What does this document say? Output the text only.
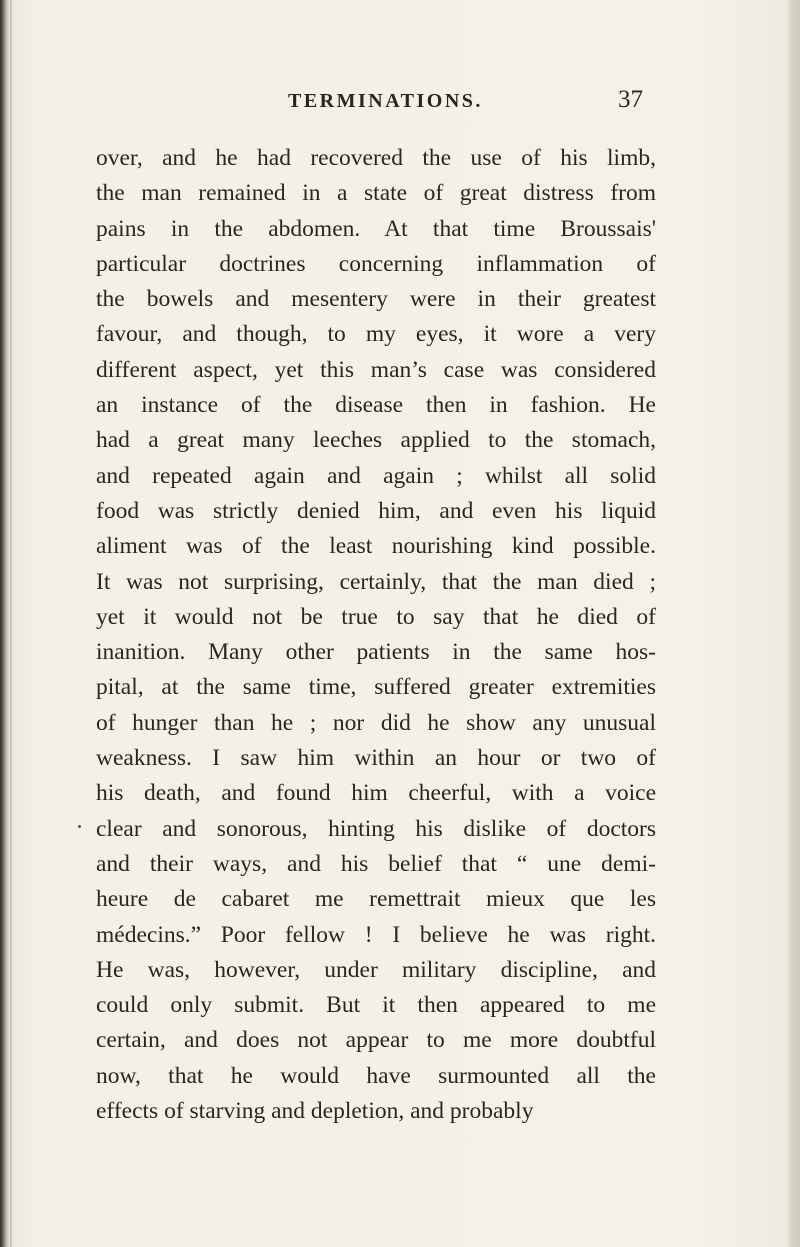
TERMINATIONS.	37
over, and he had recovered the use of his limb,
the man remained in a state of great distress from
pains in the abdomen. At that time Broussais'
particular doctrines concerning inflammation of
the bowels and mesentery were in their greatest
favour, and though, to my eyes, it wore a very
different aspect, yet this man’s case was considered
an instance of the disease then in fashion. He
had a great many leeches applied to the stomach,
and repeated again and again ; whilst all solid
food was strictly denied him, and even his liquid
aliment was of the least nourishing kind possible.
It was not surprising, certainly, that the man died ;
yet it would not be true to say that he died of
inanition. Many other patients in the same hos-
pital, at the same time, suffered greater extremities
of hunger than he ; nor did he show any unusual
weakness. I saw him within an hour or two of
his death, and found him cheerful, with a voice
clear and sonorous, hinting his dislike of doctors
and their ways, and his belief that “ une demi-
heure de cabaret me remettrait mieux que les
médecins.” Poor fellow ! I believe he was right.
He was, however, under military discipline, and
could only submit. But it then appeared to me
certain, and does not appear to me more doubtful
now, that he would have surmounted all the
effects of starving and depletion, and probably
